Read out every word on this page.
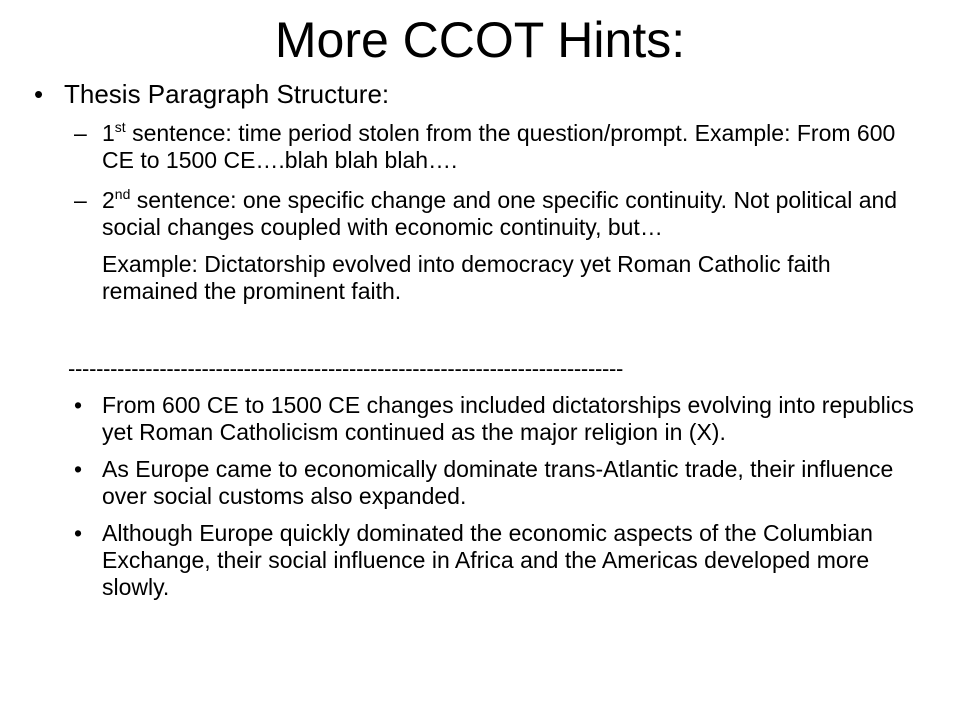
More CCOT Hints:
• Thesis Paragraph Structure:
– 1st sentence: time period stolen from the question/prompt. Example: From 600 CE to 1500 CE….blah blah blah….
– 2nd sentence: one specific change and one specific continuity. Not political and social changes coupled with economic continuity, but…
Example: Dictatorship evolved into democracy yet Roman Catholic faith remained the prominent faith.
-------------------------------------------------------------------------------
• From 600 CE to 1500 CE changes included dictatorships evolving into republics yet Roman Catholicism continued as the major religion in (X).
• As Europe came to economically dominate trans-Atlantic trade, their influence over social customs also expanded.
• Although Europe quickly dominated the economic aspects of the Columbian Exchange, their social influence in Africa and the Americas developed more slowly.
